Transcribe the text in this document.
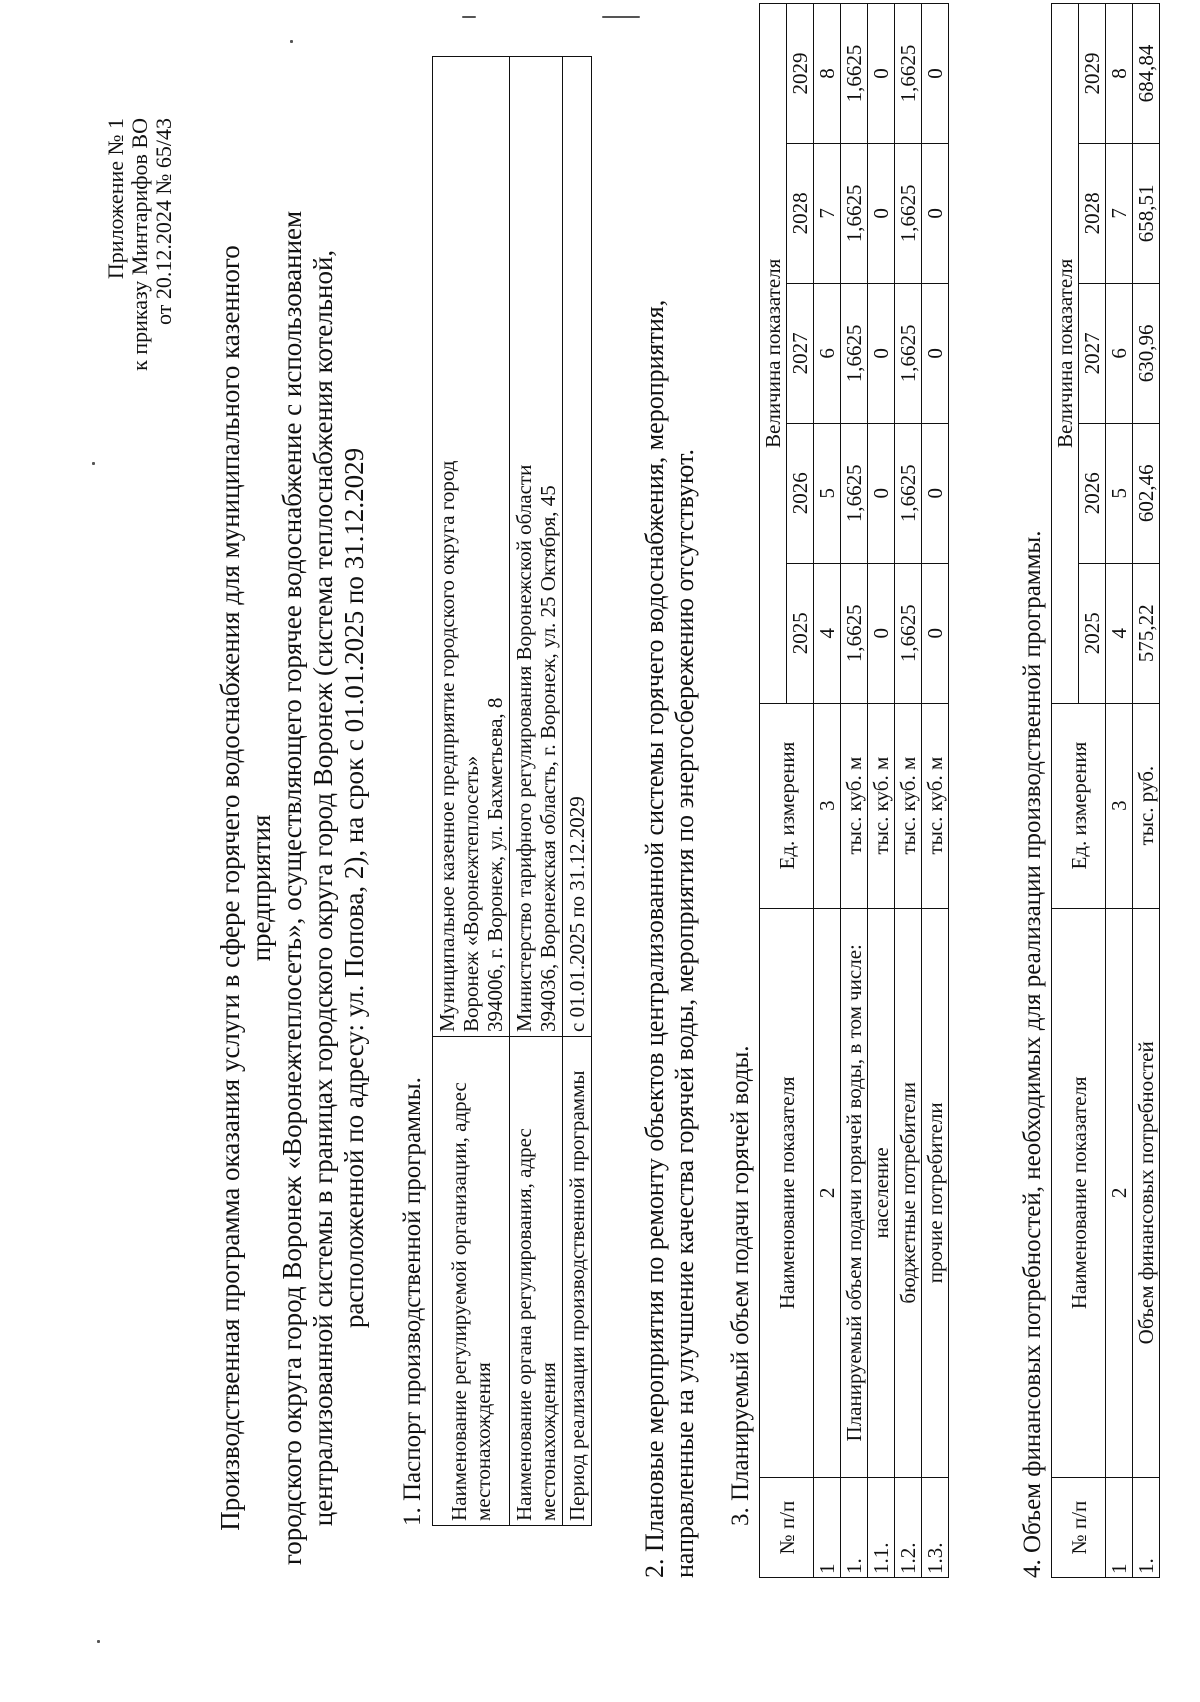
Приложение № 1 к приказу Минтарифов ВО от 20.12.2024 № 65/43
Производственная программа оказания услуги в сфере горячего водоснабжения для муниципального казенного предприятия городского округа город Воронеж «Воронежтеплосеть», осуществляющего горячее водоснабжение с использованием централизованной системы в границах городского округа город Воронеж (система теплоснабжения котельной, расположенной по адресу: ул. Попова, 2), на срок с 01.01.2025 по 31.12.2029 1. Паспорт производственной программы. Наименование регулируемой организации, адрес местонахождения	Муниципальное казенное предприятие городского округа город Воронеж «Воронежтеплосеть» 394006, г. Воронеж, ул. Бахметьева, 8

Наименование органа регулирования, адрес местонахождения	Министерство тарифного регулирования Воронежской области 394036, Воронежская область, г. Воронеж, ул. 25 Октября, 45

Период реализации производственной программы	с 01.01.2025 по 31.12.2029 2. Плановые мероприятия по ремонту объектов централизованной системы горячего водоснабжения, мероприятия, направленные на улучшение качества горячей воды, мероприятия по энергосбережению отсутствуют. 3. Планируемый объем подачи горячей воды.
№ п/п	Наименование показателя	Ед. измерения	Величина показателя				
			2025	2026	2027	2028	2029
1	2	3	4	5	6	7	8
1.	Планируемый объем подачи горячей воды, в том числе:	тыс. куб. м	1,6625	1,6625	1,6625	1,6625	1,6625
1.1.	население	тыс. куб. м	0	0	0	0	0
1.2.	бюджетные потребители	тыс. куб. м	1,6625	1,6625	1,6625	1,6625	1,6625
1.3.	прочие потребители	тыс. куб. м	0	0	0	0	0
4. Объем финансовых потребностей, необходимых для реализации производственной программы. № п/п	Наименование показателя	Ед. измерения	Величина показателя				
			2025	2026	2027	2028	2029
1	2	3	4	5	6	7	8
1.	Объем финансовых потребностей	тыс. руб.	575,22	602,46	630,96	658,51	684,84
